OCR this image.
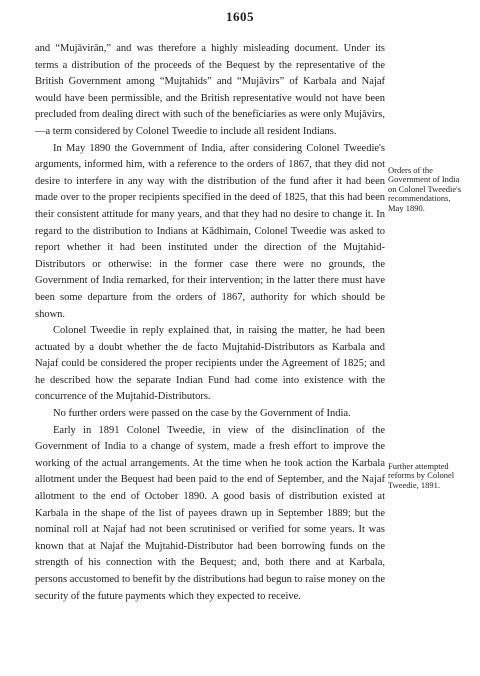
1605

and “Mujāvirān,” and was therefore a highly misleading document. Under its terms a distribution of the proceeds of the Bequest by the representative of the British Government among “Mujtahids” and “Mujāvirs” of Karbala and Najaf would have been permissible, and the British representative would not have been precluded from dealing direct with such of the beneficiaries as were only Mujāvirs,—a term considered by Colonel Tweedie to include all resident Indians.

In May 1890 the Government of India, after considering Colonel Tweedie's arguments, informed him, with a reference to the orders of 1867, that they did not desire to interfere in any way with the distribution of the fund after it had been made over to the proper recipients specified in the deed of 1825, that this had been their consistent attitude for many years, and that they had no desire to change it. In regard to the distribution to Indians at Kādhimain, Colonel Tweedie was asked to report whether it had been instituted under the direction of the Mujtahid-Distributors or otherwise: in the former case there were no grounds, the Government of India remarked, for their intervention; in the latter there must have been some departure from the orders of 1867, authority for which should be shown.

Colonel Tweedie in reply explained that, in raising the matter, he had been actuated by a doubt whether the de facto Mujtahid-Distributors as Karbala and Najaf could be considered the proper recipients under the Agreement of 1825; and he described how the separate Indian Fund had come into existence with the concurrence of the Mujtahid-Distributors.

No further orders were passed on the case by the Government of India.

Early in 1891 Colonel Tweedie, in view of the disinclination of the Government of India to a change of system, made a fresh effort to improve the working of the actual arrangements. At the time when he took action the Karbala allotment under the Bequest had been paid to the end of September, and the Najaf allotment to the end of October 1890. A good basis of distribution existed at Karbala in the shape of the list of payees drawn up in September 1889; but the nominal roll at Najaf had not been scrutinised or verified for some years. It was known that at Najaf the Mujtahid-Distributor had been borrowing funds on the strength of his connection with the Bequest; and, both there and at Karbala, persons accustomed to benefit by the distributions had begun to raise money on the security of the future payments which they expected to receive.

Orders of the Government of India on Colonel Tweedie's recommendations, May 1890.
Further attempted reforms by Colonel Tweedie, 1891.
